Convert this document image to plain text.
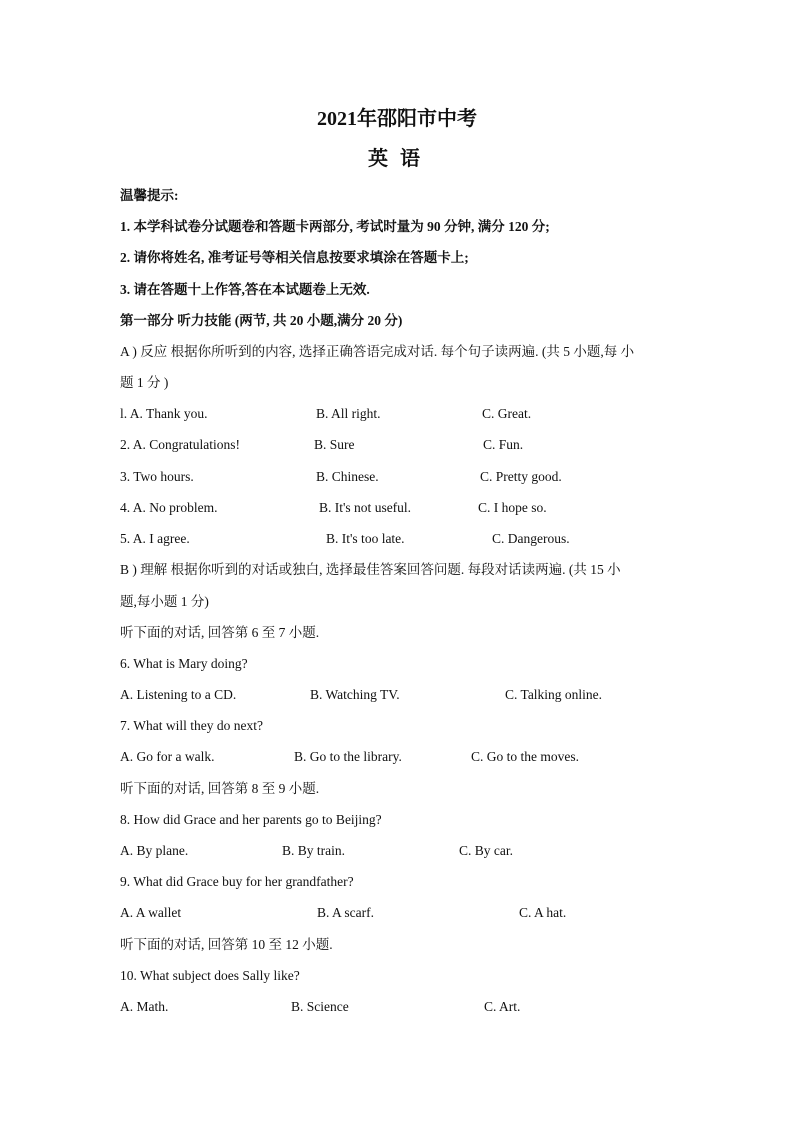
2021年邵阳市中考
英语
温馨提示:
1. 本学科试卷分试题卷和答题卡两部分, 考试时量为 90 分钟, 满分 120 分;
2. 请你将姓名, 准考证号等相关信息按要求填涂在答题卡上;
3. 请在答题十上作答,答在本试题卷上无效.
第一部分 听力技能 (两节, 共 20 小题,满分 20 分)
A ) 反应 根据你所听到的内容, 选择正确答语完成对话. 每个句子读两遍. (共 5 小题,每 小
题 1 分 )
l. A. Thank you.	B. All right.	C. Great.
2. A. Congratulations!	B. Sure	C. Fun.
3. Two hours.	B. Chinese.	C. Pretty good.
4. A. No problem.	B. It's not useful.	C. I hope so.
5. A. I agree.	B. It's too late.	C. Dangerous.
B ) 理解 根据你听到的对话或独白, 选择最佳答案回答问题. 每段对话读两遍. (共 15 小
题,每小题 1 分)
听下面的对话, 回答第 6 至 7 小题.
6. What is Mary doing?
A. Listening to a CD.	B. Watching TV.	C. Talking online.
7. What will they do next?
A. Go for a walk.	B. Go to the library.	C. Go to the moves.
听下面的对话, 回答第 8 至 9 小题.
8. How did Grace and her parents go to Beijing?
A. By plane.	B. By train.	C. By car.
9. What did Grace buy for her grandfather?
A. A wallet	B. A scarf.	C. A hat.
听下面的对话, 回答第 10 至 12 小题.
10. What subject does Sally like?
A. Math.	B. Science	C. Art.
